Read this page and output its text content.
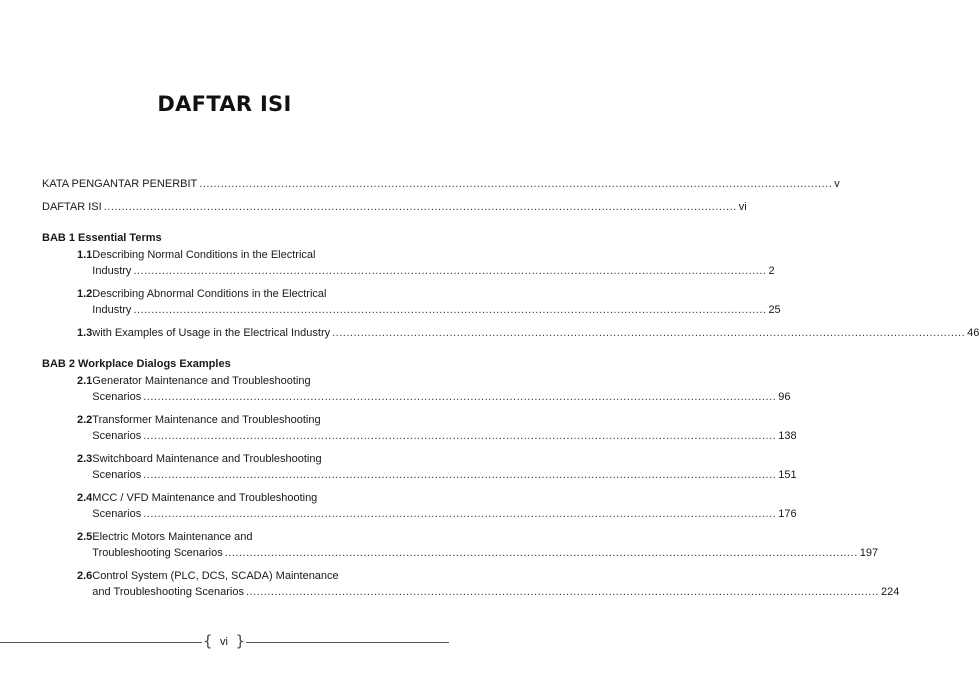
DAFTAR ISI
KATA PENGANTAR PENERBIT .....	v
DAFTAR ISI .....	vi
BAB 1 Essential Terms
1.1 Describing Normal Conditions in the Electrical
Industry .....	2
1.2 Describing Abnormal Conditions in the Electrical
Industry .....	25
1.3 with Examples of Usage in the Electrical Industry .....	46
BAB 2 Workplace Dialogs Examples
2.1 Generator Maintenance and Troubleshooting
Scenarios .....	96
2.2 Transformer Maintenance and Troubleshooting
Scenarios .....	138
2.3 Switchboard Maintenance and Troubleshooting
Scenarios .....	151
2.4 MCC / VFD Maintenance and Troubleshooting
Scenarios .....	176
2.5 Electric Motors Maintenance and
Troubleshooting Scenarios .....	197
2.6 Control System (PLC, DCS, SCADA) Maintenance
and Troubleshooting Scenarios .....	224
{ vi }
